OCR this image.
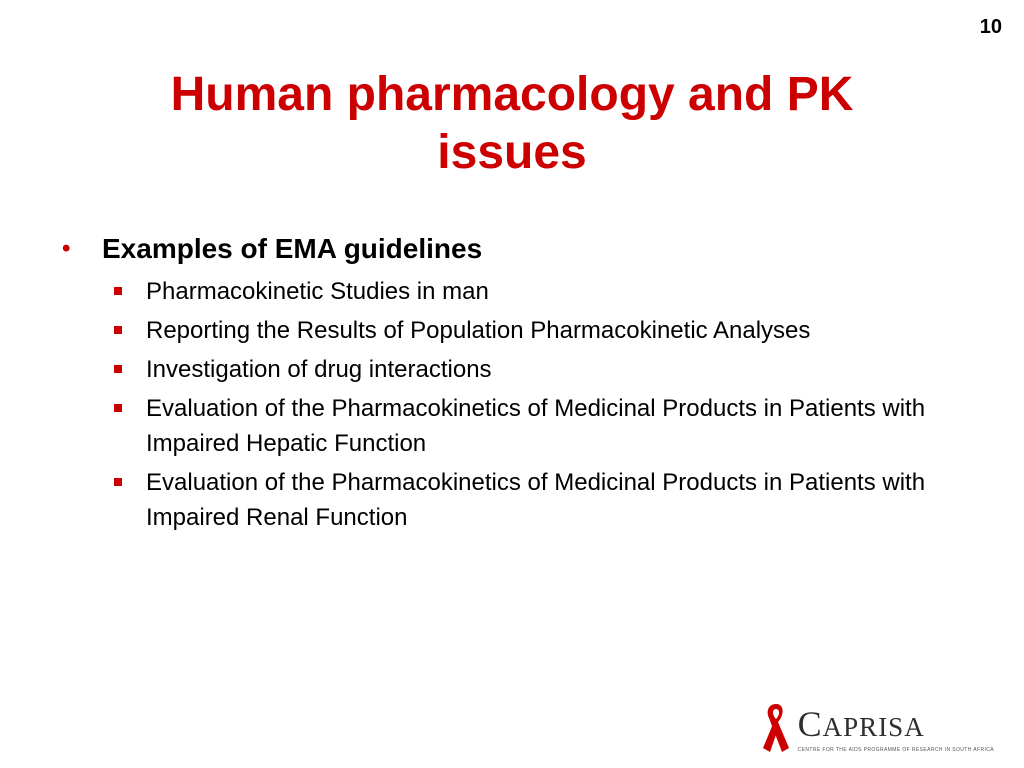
10
Human pharmacology and PK
issues
•	Examples of EMA guidelines
Pharmacokinetic Studies in man
Reporting the Results of Population Pharmacokinetic Analyses
Investigation of drug interactions
Evaluation of the Pharmacokinetics of Medicinal Products in Patients with Impaired Hepatic Function
Evaluation of the Pharmacokinetics of Medicinal Products in Patients with Impaired Renal Function
CAPRISA
CENTRE FOR THE AIDS PROGRAMME OF RESEARCH IN SOUTH AFRICA
